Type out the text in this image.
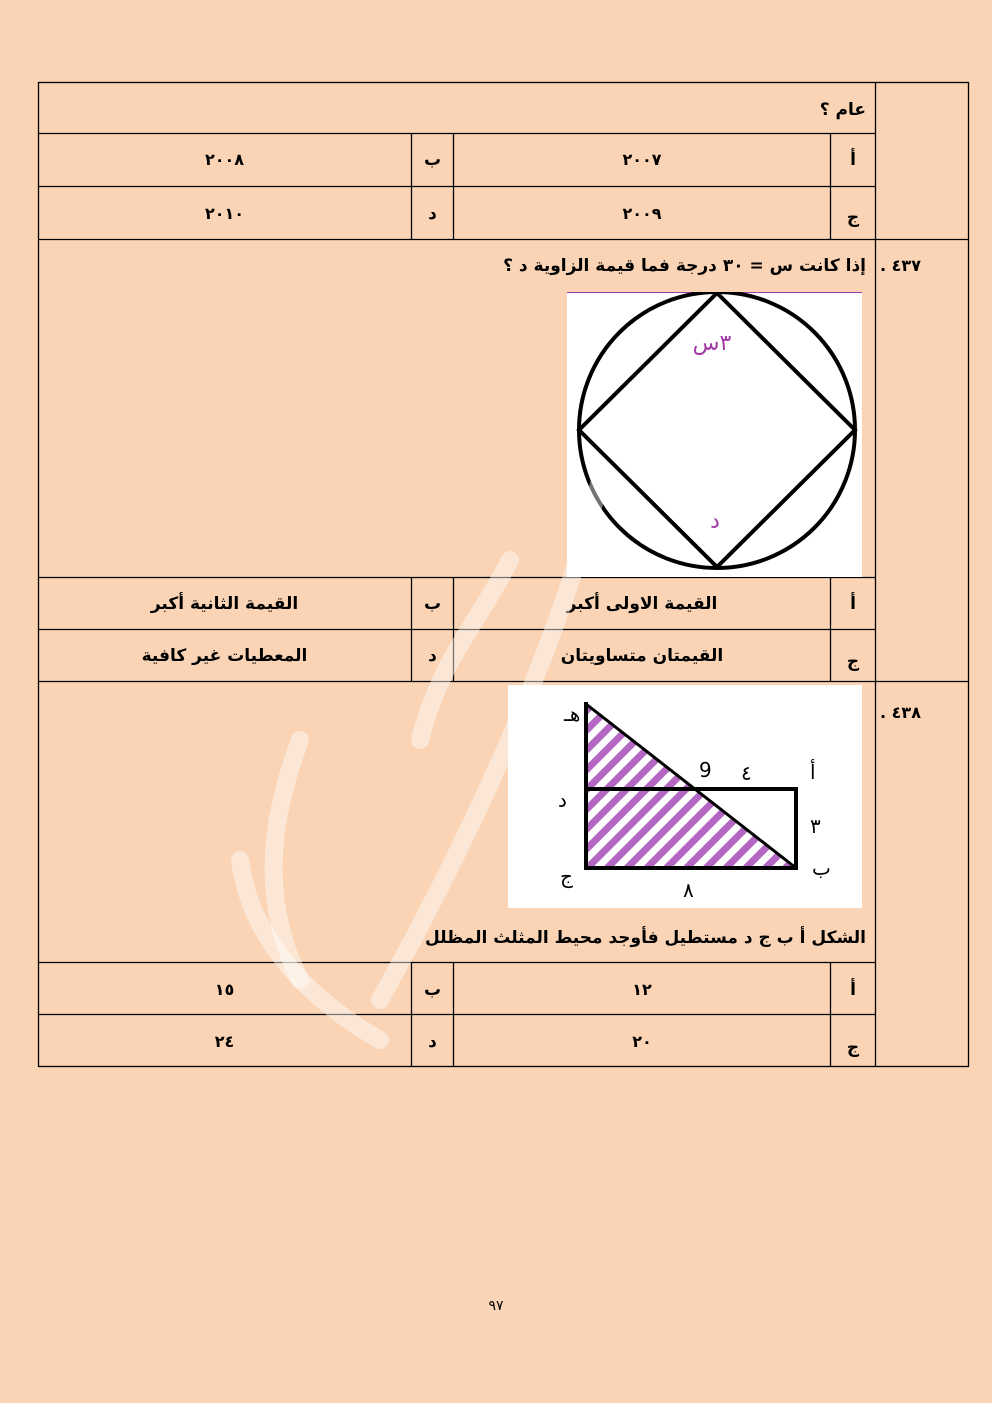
عام ؟
أ
٢٠٠٧
ب
٢٠٠٨
ج
٢٠٠٩
د
٢٠١٠
. ٤٣٧
إذا كانت س = ٣٠ درجة فما قيمة الزاوية د ؟
٣س
د
أ
القيمة الاولى أكبر
ب
القيمة الثانية أكبر
ج
القيمتان متساويتان
د
المعطيات غير كافية
. ٤٣٨
هـ
د
ج
9 ٤	أ
٣
ب
٨
الشكل أ ب ج د مستطيل فأوجد محيط المثلث المظلل
أ
١٢
ب
١٥
ج
٢٠
د
٢٤
٩٧
